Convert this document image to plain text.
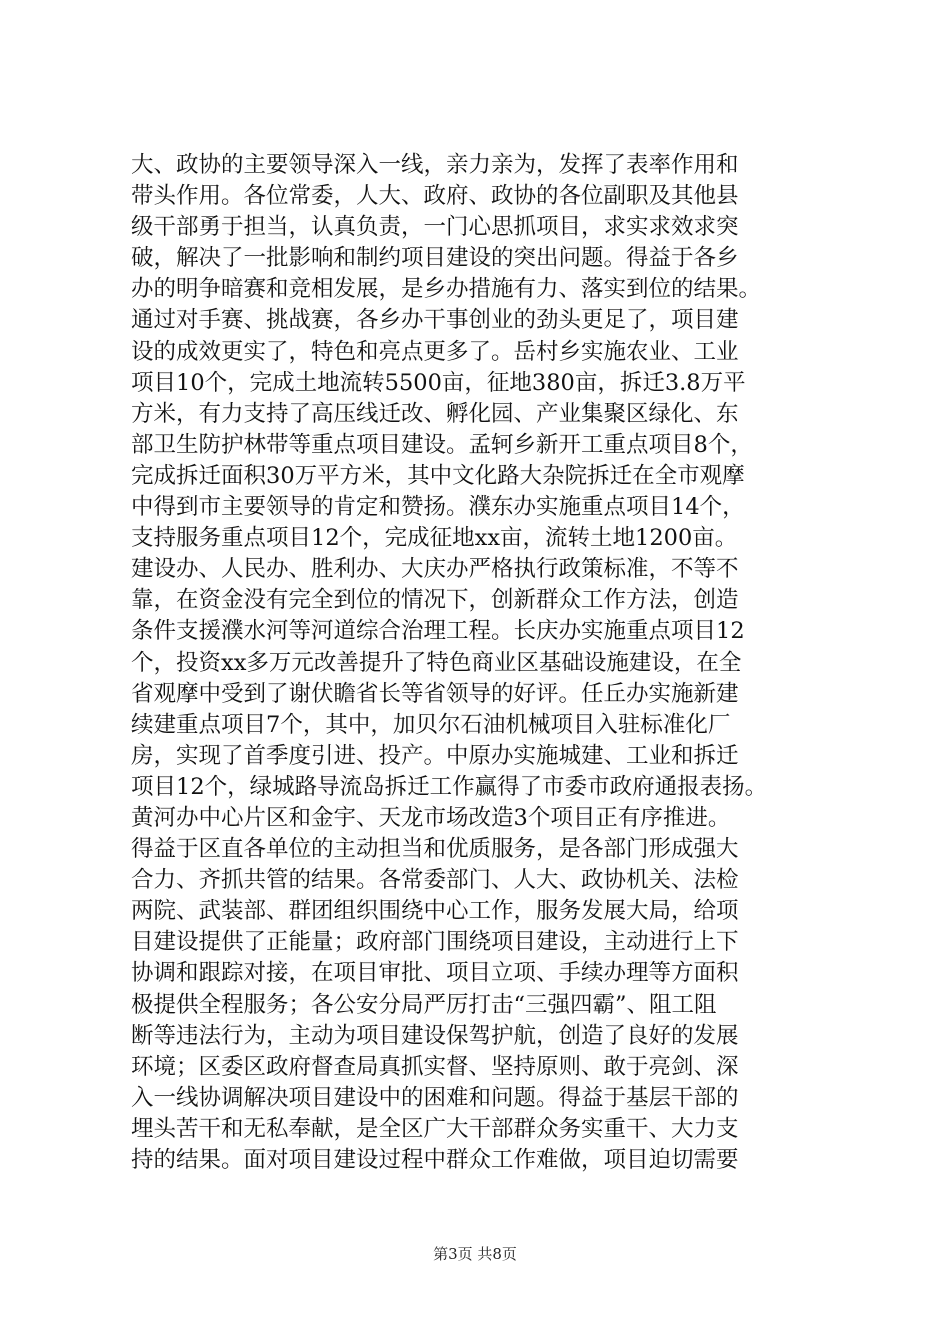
大、政协的主要领导深入一线，亲力亲为，发挥了表率作用和
带头作用。各位常委，人大、政府、政协的各位副职及其他县
级干部勇于担当，认真负责，一门心思抓项目，求实求效求突
破，解决了一批影响和制约项目建设的突出问题。得益于各乡
办的明争暗赛和竞相发展，是乡办措施有力、落实到位的结果。
通过对手赛、挑战赛，各乡办干事创业的劲头更足了，项目建
设的成效更实了，特色和亮点更多了。岳村乡实施农业、工业
项目10个，完成土地流转5500亩，征地380亩，拆迁3.8万平
方米，有力支持了高压线迁改、孵化园、产业集聚区绿化、东
部卫生防护林带等重点项目建设。孟轲乡新开工重点项目8个，
完成拆迁面积30万平方米，其中文化路大杂院拆迁在全市观摩
中得到市主要领导的肯定和赞扬。濮东办实施重点项目14个，
支持服务重点项目12个，完成征地xx亩，流转土地1200亩。
建设办、人民办、胜利办、大庆办严格执行政策标准，不等不
靠，在资金没有完全到位的情况下，创新群众工作方法，创造
条件支援濮水河等河道综合治理工程。长庆办实施重点项目12
个，投资xx多万元改善提升了特色商业区基础设施建设，在全
省观摩中受到了谢伏瞻省长等省领导的好评。任丘办实施新建
续建重点项目7个，其中，加贝尔石油机械项目入驻标准化厂
房，实现了首季度引进、投产。中原办实施城建、工业和拆迁
项目12个，绿城路导流岛拆迁工作赢得了市委市政府通报表扬。
黄河办中心片区和金宇、天龙市场改造3个项目正有序推进。
得益于区直各单位的主动担当和优质服务，是各部门形成强大
合力、齐抓共管的结果。各常委部门、人大、政协机关、法检
两院、武装部、群团组织围绕中心工作，服务发展大局，给项
目建设提供了正能量；政府部门围绕项目建设，主动进行上下
协调和跟踪对接，在项目审批、项目立项、手续办理等方面积
极提供全程服务；各公安分局严厉打击“三强四霸”、阻工阻
断等违法行为，主动为项目建设保驾护航，创造了良好的发展
环境；区委区政府督查局真抓实督、坚持原则、敢于亮剑、深
入一线协调解决项目建设中的困难和问题。得益于基层干部的
埋头苦干和无私奉献，是全区广大干部群众务实重干、大力支
持的结果。面对项目建设过程中群众工作难做，项目迫切需要
第3页 共8页
